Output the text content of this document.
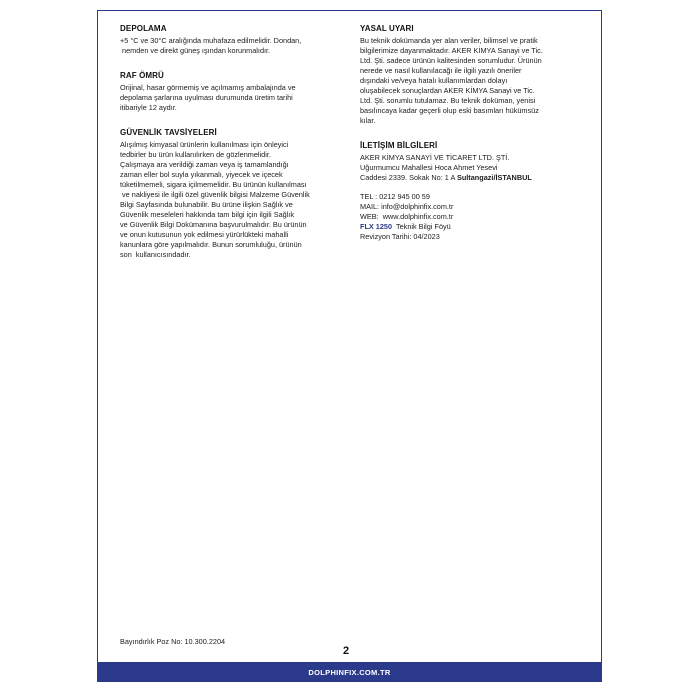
DEPOLAMA
+5 °C ve 30°C aralığında muhafaza edilmelidir. Dondan,
nemden ve direkt güneş ışından korunmalıdır.
RAF ÖMRÜ
Orijinal, hasar görmemiş ve açılmamış ambalajında ve
depolama şarlarına uyulması durumunda üretim tarihi
itibariyle 12 aydır.
GÜVENLİK TAVSİYELERİ
Alışılmış kimyasal ürünlerin kullanılması için önleyici
tedbirler bu ürün kullanılırken de gözlenmelidir.
Çalışmaya ara verildiği zaman veya iş tamamlandığı
zaman eller bol suyla yıkanmalı, yiyecek ve içecek
tüketilmemeli, sigara içilmemelidir. Bu ürünün kullanılması
ve nakliyesi ile ilgili özel güvenlik bilgisi Malzeme Güvenlik
Bilgi Sayfasında bulunabilir. Bu ürüne ilişkin Sağlık ve
Güvenlik meseleleri hakkında tam bilgi için ilgili Sağlık
ve Güvenlik Bilgi Dokümanına başvurulmalıdır. Bu ürünün
ve onun kutusunun yok edilmesi yürürlükteki mahalli
kanunlara göre yapılmalıdır. Bunun sorumluluğu, ürünün
son  kullanıcısındadır.
YASAL UYARI
Bu teknik dokümanda yer alan veriler, bilimsel ve pratik
bilgilerimize dayanmaktadır. AKER KİMYA Sanayi ve Tic.
Ltd. Şti. sadece ürünün kalitesinden sorumludur. Ürünün
nerede ve nasıl kullanılacağı ile ilgili yazılı öneriler
dışındaki ve/veya hatalı kullanımlardan dolayı
oluşabilecek sonuçlardan AKER KİMYA Sanayi ve Tic.
Ltd. Şti. sorumlu tutulamaz. Bu teknik doküman, yenisi
basılıncaya kadar geçerli olup eski basımları hükümsüz
kılar.
İLETİŞİM BİLGİLERİ
AKER KİMYA SANAYİ VE TİCARET LTD. ŞTİ.
Uğurmumcu Mahallesi Hoca Ahmet Yesevi
Caddesi 2339. Sokak No: 1 A Sultangazi/İSTANBUL
TEL : 0212 945 00 59
MAIL: info@dolphinfix.com.tr
WEB:  www.dolphinfix.com.tr
FLX 1250  Teknik Bilgi Föyü
Revizyon Tarihi: 04/2023
Bayındırlık Poz No: 10.300.2204
2
DOLPHINFIX.COM.TR
